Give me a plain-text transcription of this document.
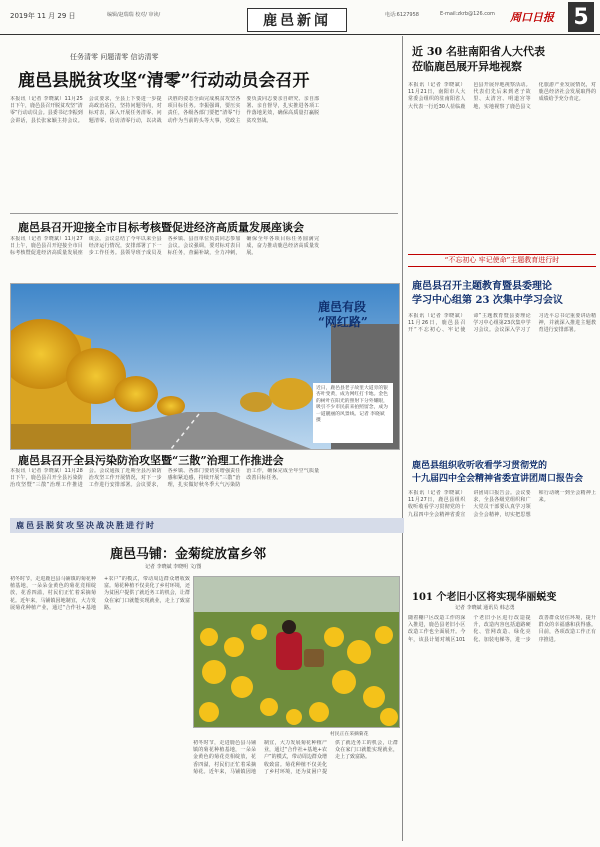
2019年 11 月 29 日	编辑/赵瑞瑞 校对/ 审读/	鹿邑新闻	电话:6127958	E-mail:zkrb@126.com 周口日报 5
任务清零 问题清零 信访清零
鹿邑县脱贫攻坚“清零”行动动员会召开
本报讯（记者 李晓斌）11月25日下午，鹿邑县召开脱贫攻坚“清零”行动动员会。县委书记李振到会讲话，县长张家颖主持会议。会议要求，全县上下要进一步提高政治站位，坚持问题导向，对标对表，深入开展任务清零、问题清零、信访清零行动，以决战决胜的姿态全面完成脱贫攻坚各项目标任务。李振强调，要压实责任，各级各部门要把“清零”行动作为当前的头等大事，党政主要负责同志要亲自研究、亲自部署、亲自督导，扎实推进各项工作落地见效，确保高质量打赢脱贫攻坚战。
鹿邑县召开迎接全市目标考核暨促进经济高质量发展座谈会
本报讯（记者 李晓斌）11月27日上午，鹿邑县召开迎接全市目标考核暨促进经济高质量发展座谈会。会议总结了今年以来全县经济运行情况，安排部署了下一步工作任务。县领导班子成员及各乡镇、县直单位负责同志参加会议。会议强调，要对标对表目标任务，查漏补缺，全力冲刺，确保全年各项目标任务圆满完成，奋力推动鹿邑经济高质量发展。
鹿邑有段
“网红路”
近日，鹿邑县老子故里大道旁的银杏叶变黄，成为网红打卡地。金色的树叶在阳光的照射下分外耀眼，吸引不少市民前来拍照留念，成为一道靓丽的风景线。记者 李晓斌 摄
鹿邑县召开全县污染防治攻坚暨“三散”治理工作推进会
本报讯（记者 李晓斌）11月28日下午，鹿邑县召开全县污染防治攻坚暨“三散”治理工作推进会。会议通报了近期全县污染防治攻坚工作开展情况，对下一步工作进行安排部署。会议要求，各乡镇、各部门要切实增强责任感和紧迫感，持续开展“三散”治理，扎实做好秋冬季大气污染防治工作，确保完成全年空气质量改善目标任务。
鹿邑县脱贫攻坚决战决胜进行时
鹿邑马铺：金菊绽放富乡邻
记者 李晓斌 李晓明 文/图
初冬时节，走进鹿邑县马铺镇的菊花种植基地，一朵朵金黄色的菊花竞相绽放，花香四溢，村民们正忙着采摘菊花。近年来，马铺镇因地制宜，大力发展菊花种植产业，通过“合作社+基地+农户”的模式，带动周边群众增收致富。菊花种植不仅美化了乡村环境，还为贫困户提供了就近务工的机会，让群众在家门口就能实现就业，走上了致富路。
村民正在采摘菊花
初冬时节，走进鹿邑县马铺镇的菊花种植基地，一朵朵金黄色的菊花竞相绽放，花香四溢，村民们正忙着采摘菊花。近年来，马铺镇因地制宜，大力发展菊花种植产业，通过“合作社+基地+农户”的模式，带动周边群众增收致富。菊花种植不仅美化了乡村环境，还为贫困户提供了就近务工的机会，让群众在家门口就能实现就业，走上了致富路。
近 30 名驻南阳省人大代表
莅临鹿邑展开异地视察
本报讯（记者 李晓斌）11月21日，南阳市人大常委会组织的驻南阳省人大代表一行近30人莅临鹿邑县开展异地视察活动。代表们先后来到老子故里、太清宫、明道宫等地，实地视察了鹿邑县文化旅游产业发展情况，对鹿邑经济社会发展取得的成绩给予充分肯定。
“不忘初心 牢记使命”主题教育进行时
鹿邑县召开主题教育暨县委理论
学习中心组第 23 次集中学习会议
本报讯（记者 李晓斌）11月26日，鹿邑县召开“不忘初心、牢记使命”主题教育暨县委理论学习中心组第23次集中学习会议。会议深入学习了习近平总书记重要讲话精神，并就深入推进主题教育进行安排部署。
鹿邑县组织收听收看学习贯彻党的
十九届四中全会精神省委宣讲团周口报告会
本报讯（记者 李晓斌）11月27日，鹿邑县组织收听收看学习贯彻党的十九届四中全会精神省委宣讲团周口报告会。会议要求，全县各级党组织和广大党员干部要认真学习领会全会精神，切实把思想和行动统一到全会精神上来。
101 个老旧小区将实现华丽蜕变
记者 李晓斌 通讯员 韩志勇
随着棚户区改造工作的深入推进，鹿邑县老旧小区改造工作也全面展开。今年，该县计划对城区101个老旧小区进行改造提升，改造内容包括道路硬化、管网改造、绿化亮化、加装电梯等，进一步改善群众居住环境，提升群众的幸福感和获得感。目前，各项改造工作正有序推进。
